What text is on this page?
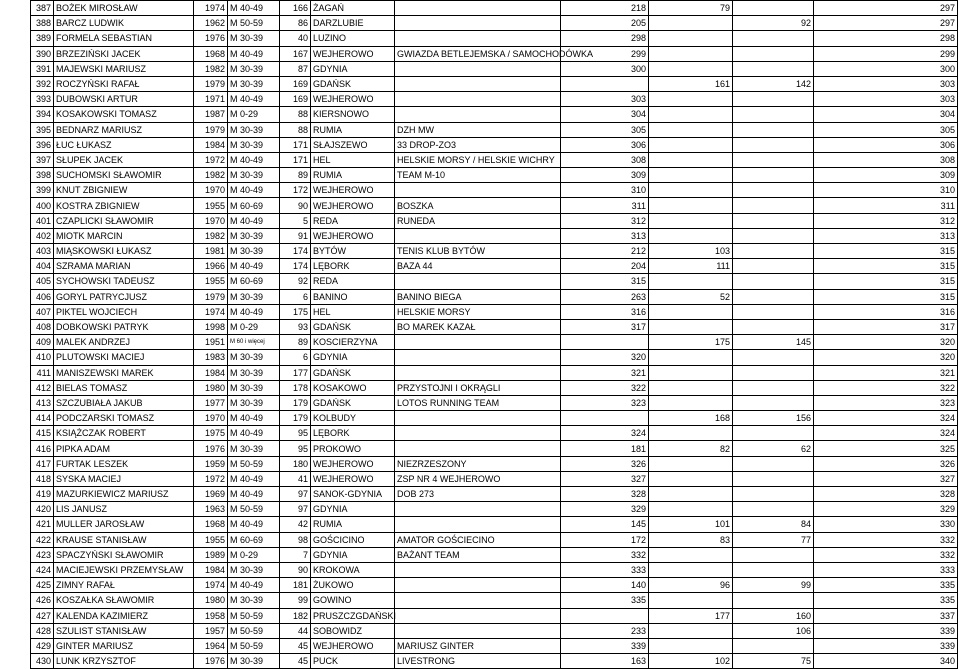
387	BOŻEK MIROSŁAW	1974	M 40-49	166	ŻAGAŃ		218	79		297
388	BARCZ LUDWIK	1962	M 50-59	86	DARZLUBIE		205		92	297
389	FORMELA SEBASTIAN	1976	M 30-39	40	LUZINO		298			298
390	BRZEZIŃSKI JACEK	1968	M 40-49	167	WEJHEROWO	GWIAZDA BETLEJEMSKA / SAMOCHODÓWKA	299			299
391	MAJEWSKI MARIUSZ	1982	M 30-39	87	GDYNIA		300			300
392	ROCZYŃSKI RAFAŁ	1979	M 30-39	169	GDAŃSK			161	142	303
393	DUBOWSKI ARTUR	1971	M 40-49	169	WEJHEROWO		303			303
394	KOSAKOWSKI TOMASZ	1987	M 0-29	88	KIERSNOWO		304			304
395	BEDNARZ MARIUSZ	1979	M 30-39	88	RUMIA	DZH MW	305			305
396	ŁUC ŁUKASZ	1984	M 30-39	171	SŁAJSZEWO	33 DROP-ZO3	306			306
397	SŁUPEK JACEK	1972	M 40-49	171	HEL	HELSKIE MORSY / HELSKIE WICHRY	308			308
398	SUCHOMSKI SŁAWOMIR	1982	M 30-39	89	RUMIA	TEAM M-10	309			309
399	KNUT ZBIGNIEW	1970	M 40-49	172	WEJHEROWO		310			310
400	KOSTRA ZBIGNIEW	1955	M 60-69	90	WEJHEROWO	BOSZKA	311			311
401	CZAPLICKI SŁAWOMIR	1970	M 40-49	5	REDA	RUNEDA	312			312
402	MIOTK MARCIN	1982	M 30-39	91	WEJHEROWO		313			313
403	MIĄSKOWSKI ŁUKASZ	1981	M 30-39	174	BYTÓW	TENIS KLUB BYTÓW	212	103		315
404	SZRAMA MARIAN	1966	M 40-49	174	LĘBORK	BAZA 44	204	111		315
405	SYCHOWSKI TADEUSZ	1955	M 60-69	92	REDA		315			315
406	GORYL PATRYCJUSZ	1979	M 30-39	6	BANINO	BANINO BIEGA	263	52		315
407	PIKTEL WOJCIECH	1974	M 40-49	175	HEL	HELSKIE MORSY	316			316
408	DOBKOWSKI PATRYK	1998	M 0-29	93	GDAŃSK	BO MAREK KAZAŁ	317			317
409	MALEK ANDRZEJ	1951	M 60 i więcej	89	KOSCIERZYNA			175	145	320
410	PLUTOWSKI MACIEJ	1983	M 30-39	6	GDYNIA		320			320
411	MANISZEWSKI MAREK	1984	M 30-39	177	GDAŃSK		321			321
412	BIELAS TOMASZ	1980	M 30-39	178	KOSAKOWO	PRZYSTOJNI I OKRĄGLI	322			322
413	SZCZUBIAŁA JAKUB	1977	M 30-39	179	GDAŃSK	LOTOS RUNNING TEAM	323			323
414	PODCZARSKI TOMASZ	1970	M 40-49	179	KOLBUDY			168	156	324
415	KSIĄŻCZAK ROBERT	1975	M 40-49	95	LĘBORK		324			324
416	PIPKA ADAM	1976	M 30-39	95	PROKOWO		181	82	62	325
417	FURTAK LESZEK	1959	M 50-59	180	WEJHEROWO	NIEZRZESZONY	326			326
418	SYSKA MACIEJ	1972	M 40-49	41	WEJHEROWO	ZSP NR 4 WEJHEROWO	327			327
419	MAZURKIEWICZ MARIUSZ	1969	M 40-49	97	SANOK-GDYNIA	DOB 273	328			328
420	LIS JANUSZ	1963	M 50-59	97	GDYNIA		329			329
421	MULLER JAROSŁAW	1968	M 40-49	42	RUMIA		145	101	84	330
422	KRAUSE STANISŁAW	1955	M 60-69	98	GOŚCICINO	AMATOR GOŚCIECINO	172	83	77	332
423	SPACZYŃSKI SŁAWOMIR	1989	M 0-29	7	GDYNIA	BAŻANT TEAM	332			332
424	MACIEJEWSKI PRZEMYSŁAW	1984	M 30-39	90	KROKOWA		333			333
425	ZIMNY RAFAŁ	1974	M 40-49	181	ŻUKOWO		140	96	99	335
426	KOSZAŁKA SŁAWOMIR	1980	M 30-39	99	GOWINO		335			335
427	KALENDA KAZIMIERZ	1958	M 50-59	182	PRUSZCZGDAŃSKI			177	160	337
428	SZULIST STANISŁAW	1957	M 50-59	44	SOBOWIDZ		233		106	339
429	GINTER MARIUSZ	1964	M 50-59	45	WEJHEROWO	MARIUSZ GINTER	339			339
430	LUNK KRZYSZTOF	1976	M 30-39	45	PUCK	LIVESTRONG	163	102	75	340
